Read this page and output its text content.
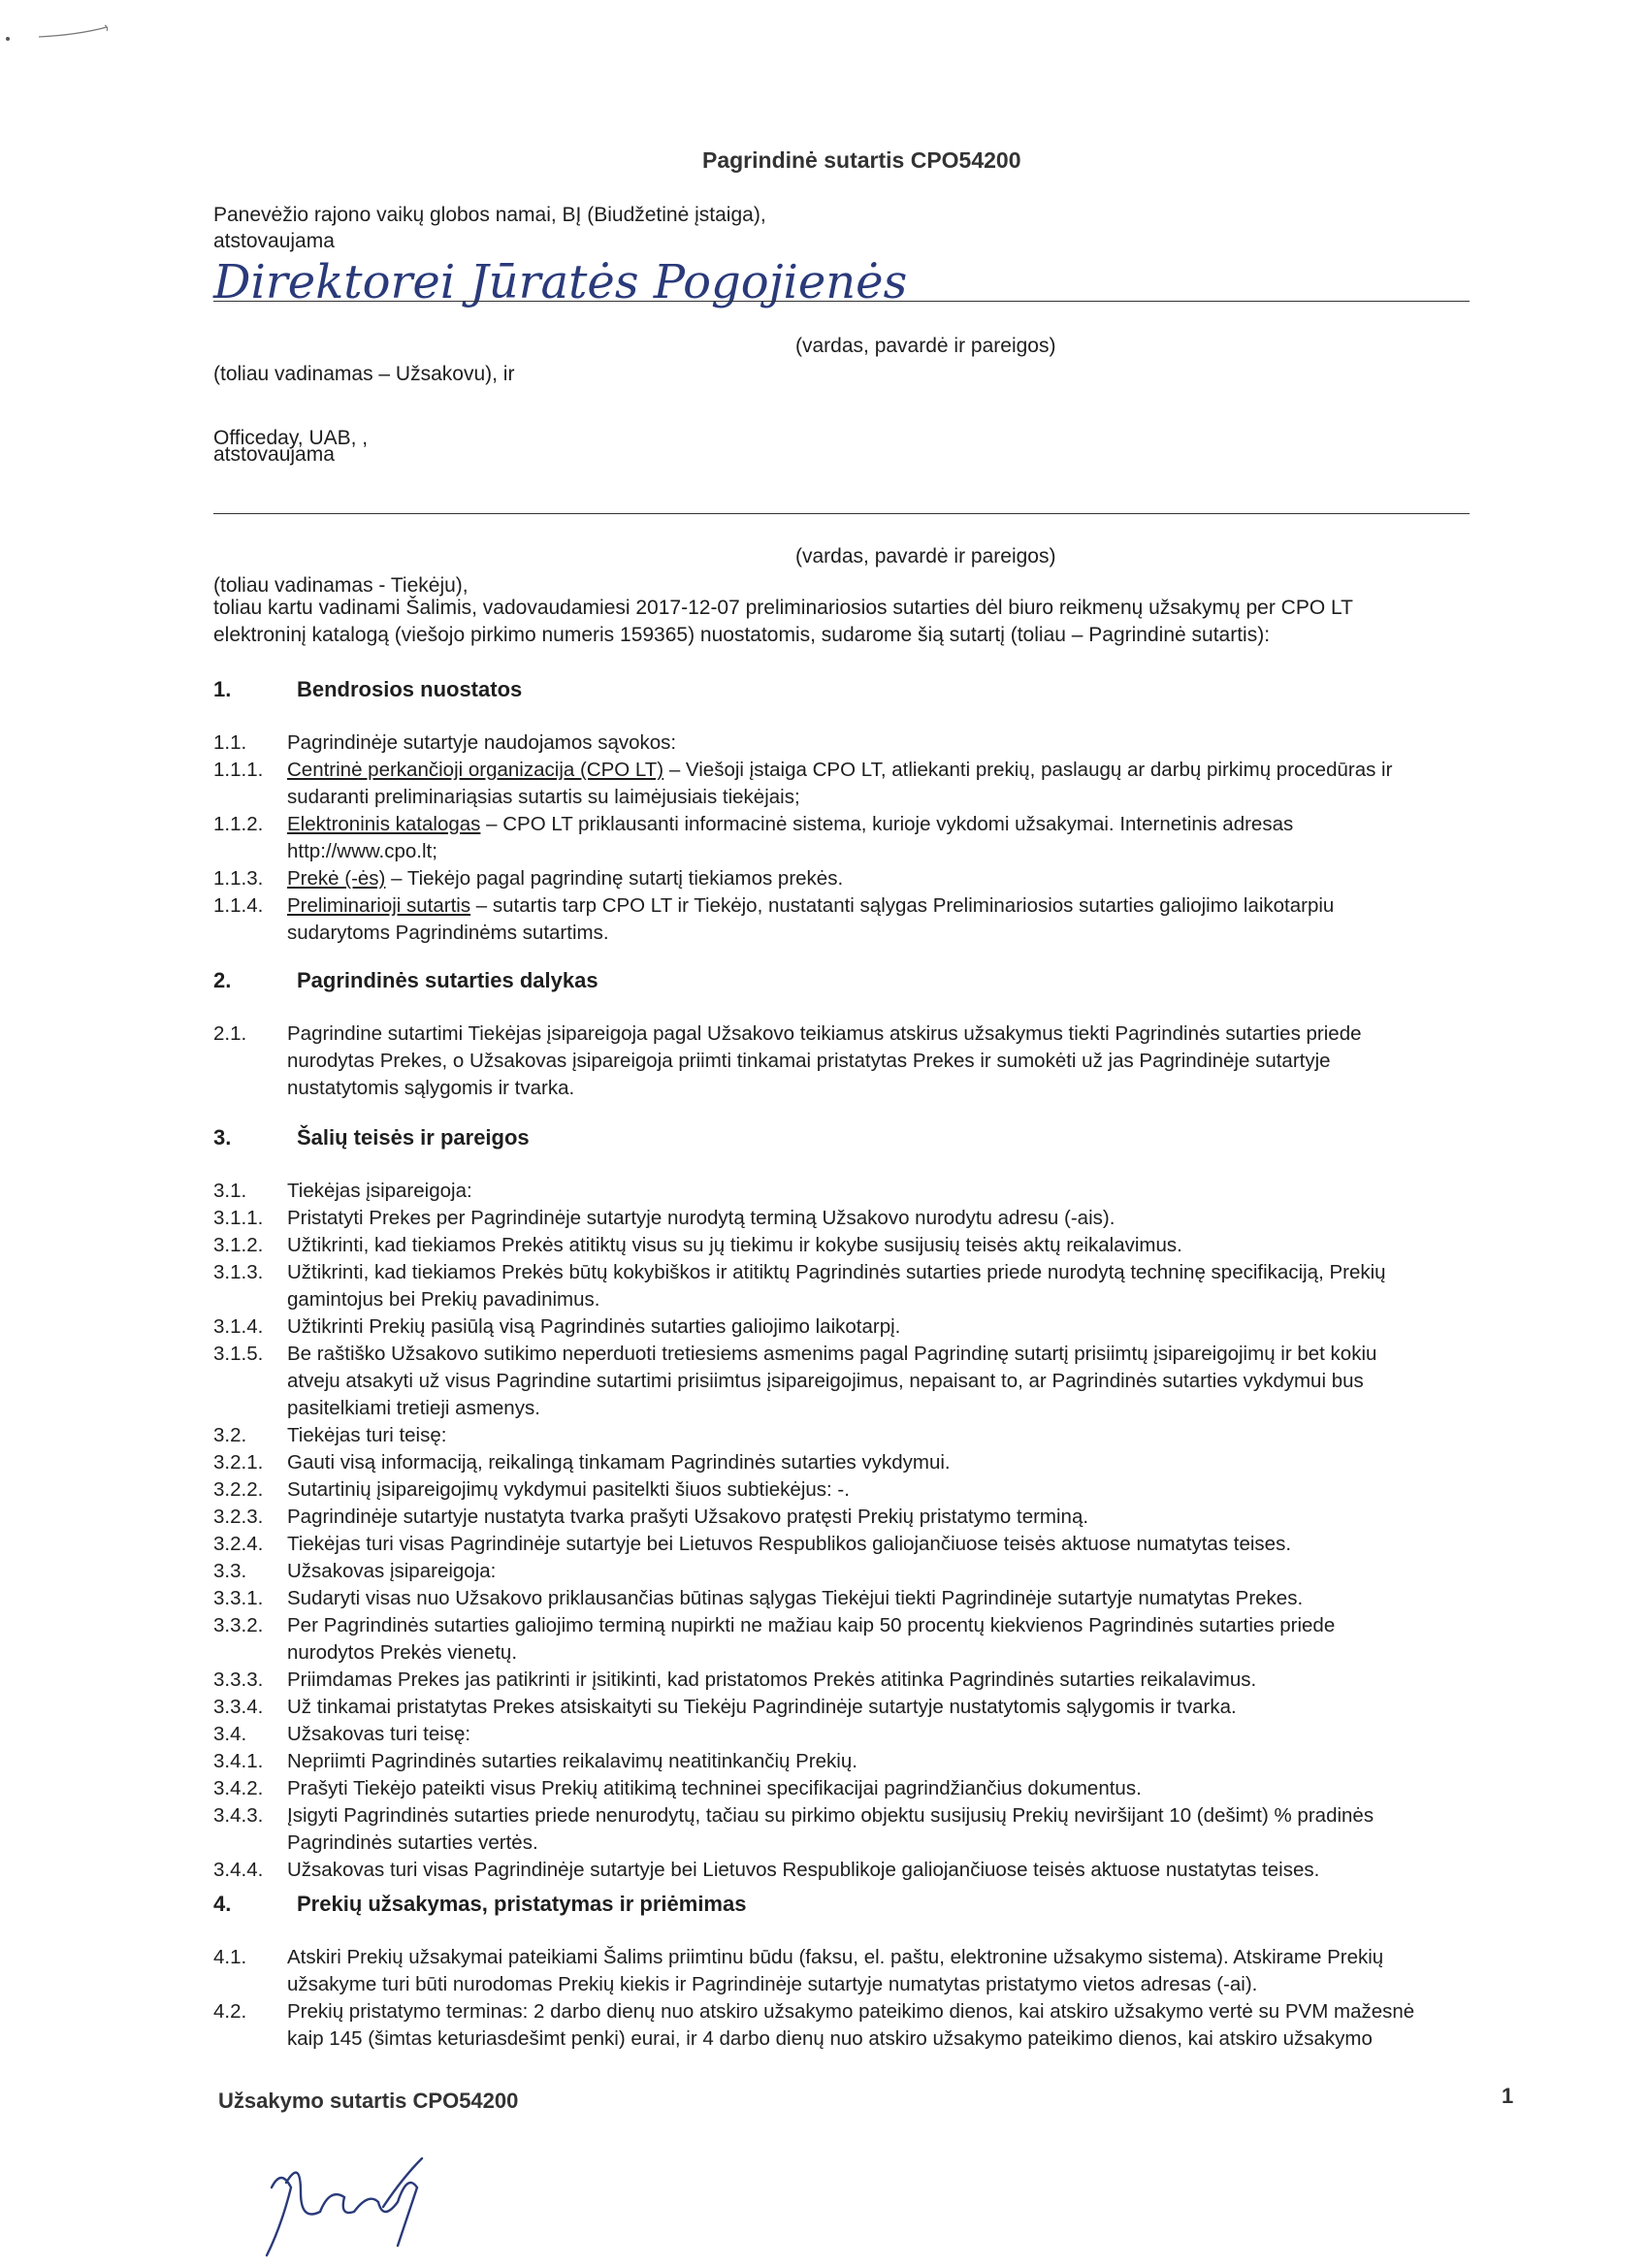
Pagrindinė sutartis CPO54200
Panevėžio rajono vaikų globos namai, BĮ (Biudžetinė įstaiga),
atstovaujama
Direktorei Jūratės Pogojienės
(vardas, pavardė ir pareigos)
(toliau vadinamas – Užsakovu), ir
Officeday, UAB, ,
atstovaujama
(vardas, pavardė ir pareigos)
(toliau vadinamas - Tiekėju),
toliau kartu vadinami Šalimis, vadovaudamiesi 2017-12-07 preliminariosios sutarties dėl biuro reikmenų užsakymų per CPO LT
elektroninį katalogą (viešojo pirkimo numeris 159365) nuostatomis, sudarome šią sutartį (toliau – Pagrindinė sutartis):
1.	Bendrosios nuostatos
1.1. Pagrindinėje sutartyje naudojamos sąvokos:
1.1.1. Centrinė perkančioji organizacija (CPO LT) – Viešoji įstaiga CPO LT, atliekanti prekių, paslaugų ar darbų pirkimų procedūras ir
sudaranti preliminariąsias sutartis su laimėjusiais tiekėjais;
1.1.2. Elektroninis katalogas – CPO LT priklausanti informacinė sistema, kurioje vykdomi užsakymai. Internetinis adresas
http://www.cpo.lt;
1.1.3. Prekė (-ės) – Tiekėjo pagal pagrindinę sutartį tiekiamos prekės.
1.1.4. Preliminarioji sutartis – sutartis tarp CPO LT ir Tiekėjo, nustatanti sąlygas Preliminariosios sutarties galiojimo laikotarpiu
sudarytoms Pagrindinėms sutartims.
2.	Pagrindinės sutarties dalykas
2.1. Pagrindine sutartimi Tiekėjas įsipareigoja pagal Užsakovo teikiamus atskirus užsakymus tiekti Pagrindinės sutarties priede
nurodytas Prekes, o Užsakovas įsipareigoja priimti tinkamai pristatytas Prekes ir sumokėti už jas Pagrindinėje sutartyje
nustatytomis sąlygomis ir tvarka.
3.	Šalių teisės ir pareigos
3.1. Tiekėjas įsipareigoja:
3.1.1. Pristatyti Prekes per Pagrindinėje sutartyje nurodytą terminą Užsakovo nurodytu adresu (-ais).
3.1.2. Užtikrinti, kad tiekiamos Prekės atitiktų visus su jų tiekimu ir kokybe susijusių teisės aktų reikalavimus.
3.1.3. Užtikrinti, kad tiekiamos Prekės būtų kokybiškos ir atitiktų Pagrindinės sutarties priede nurodytą techninę specifikaciją, Prekių
gamintojus bei Prekių pavadinimus.
3.1.4. Užtikrinti Prekių pasiūlą visą Pagrindinės sutarties galiojimo laikotarpį.
3.1.5. Be raštiško Užsakovo sutikimo neperduoti tretiesiems asmenims pagal Pagrindinę sutartį prisiimtų įsipareigojimų ir bet kokiu
atveju atsakyti už visus Pagrindine sutartimi prisiimtus įsipareigojimus, nepaisant to, ar Pagrindinės sutarties vykdymui bus
pasitelkiami tretieji asmenys.
3.2. Tiekėjas turi teisę:
3.2.1. Gauti visą informaciją, reikalingą tinkamam Pagrindinės sutarties vykdymui.
3.2.2. Sutartinių įsipareigojimų vykdymui pasitelkti šiuos subtiekėjus: -.
3.2.3. Pagrindinėje sutartyje nustatyta tvarka prašyti Užsakovo pratęsti Prekių pristatymo terminą.
3.2.4. Tiekėjas turi visas Pagrindinėje sutartyje bei Lietuvos Respublikos galiojančiuose teisės aktuose numatytas teises.
3.3. Užsakovas įsipareigoja:
3.3.1. Sudaryti visas nuo Užsakovo priklausančias būtinas sąlygas Tiekėjui tiekti Pagrindinėje sutartyje numatytas Prekes.
3.3.2. Per Pagrindinės sutarties galiojimo terminą nupirkti ne mažiau kaip 50 procentų kiekvienos Pagrindinės sutarties priede
nurodytos Prekės vienetų.
3.3.3. Priimdamas Prekes jas patikrinti ir įsitikinti, kad pristatomos Prekės atitinka Pagrindinės sutarties reikalavimus.
3.3.4. Už tinkamai pristatytas Prekes atsiskaityti su Tiekėju Pagrindinėje sutartyje nustatytomis sąlygomis ir tvarka.
3.4. Užsakovas turi teisę:
3.4.1. Nepriimti Pagrindinės sutarties reikalavimų neatitinkančių Prekių.
3.4.2. Prašyti Tiekėjo pateikti visus Prekių atitikimą techninei specifikacijai pagrindžiančius dokumentus.
3.4.3. Įsigyti Pagrindinės sutarties priede nenurodytų, tačiau su pirkimo objektu susijusių Prekių neviršijant 10 (dešimt) % pradinės
Pagrindinės sutarties vertės.
3.4.4. Užsakovas turi visas Pagrindinėje sutartyje bei Lietuvos Respublikoje galiojančiuose teisės aktuose nustatytas teises.
4.	Prekių užsakymas, pristatymas ir priėmimas
4.1. Atskiri Prekių užsakymai pateikiami Šalims priimtinu būdu (faksu, el. paštu, elektronine užsakymo sistema). Atskirame Prekių
užsakyme turi būti nurodomas Prekių kiekis ir Pagrindinėje sutartyje numatytas pristatymo vietos adresas (-ai).
4.2. Prekių pristatymo terminas: 2 darbo dienų nuo atskiro užsakymo pateikimo dienos, kai atskiro užsakymo vertė su PVM mažesnė
kaip 145 (šimtas keturiasdešimt penki) eurai, ir 4 darbo dienų nuo atskiro užsakymo pateikimo dienos, kai atskiro užsakymo
Užsakymo sutartis CPO54200	1
